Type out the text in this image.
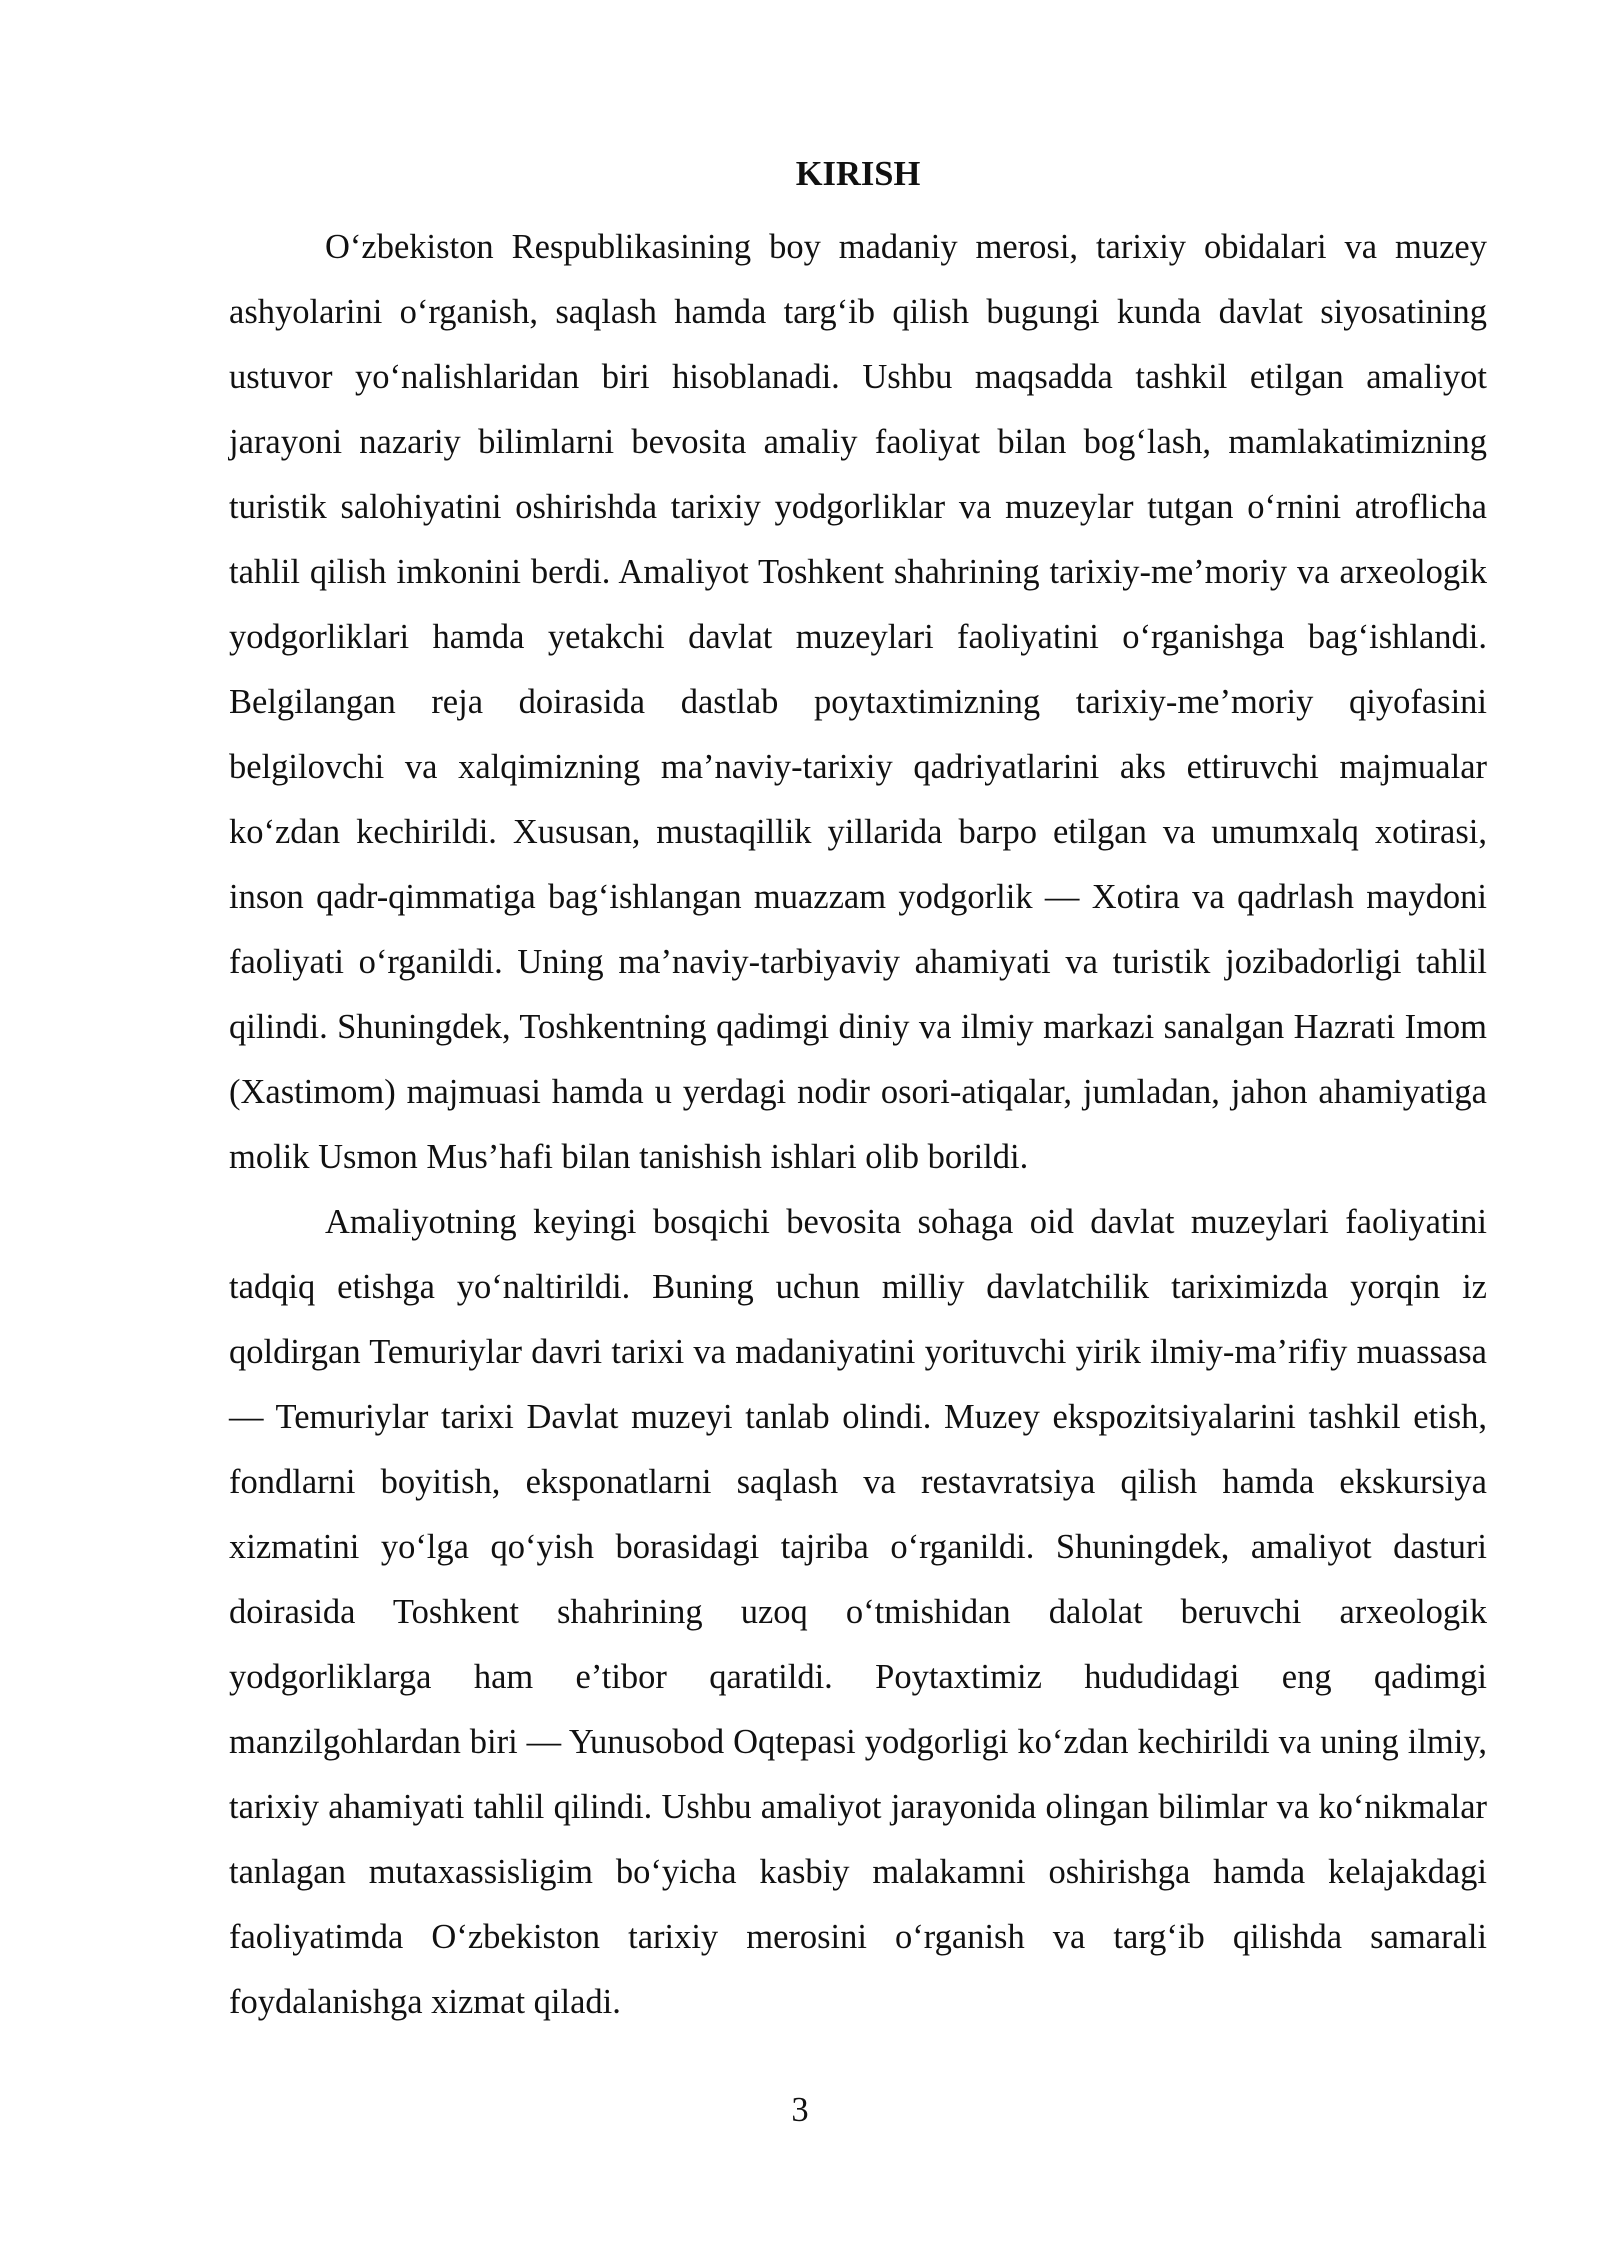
KIRISH

O‘zbekiston Respublikasining boy madaniy merosi, tarixiy obidalari va muzey ashyolarini o‘rganish, saqlash hamda targ‘ib qilish bugungi kunda davlat siyosatining ustuvor yo‘nalishlaridan biri hisoblanadi. Ushbu maqsadda tashkil etilgan amaliyot jarayoni nazariy bilimlarni bevosita amaliy faoliyat bilan bog‘lash, mamlakatimizning turistik salohiyatini oshirishda tarixiy yodgorliklar va muzeylar tutgan o‘rnini atroflicha tahlil qilish imkonini berdi. Amaliyot Toshkent shahrining tarixiy-me’moriy va arxeologik yodgorliklari hamda yetakchi davlat muzeylari faoliyatini o‘rganishga bag‘ishlandi. Belgilangan reja doirasida dastlab poytaxtimizning tarixiy-me’moriy qiyofasini belgilovchi va xalqimizning ma’naviy-tarixiy qadriyatlarini aks ettiruvchi majmualar ko‘zdan kechirildi. Xususan, mustaqillik yillarida barpo etilgan va umumxalq xotirasi, inson qadr-qimmatiga bag‘ishlangan muazzam yodgorlik — Xotira va qadrlash maydoni faoliyati o‘rganildi. Uning ma’naviy-tarbiyaviy ahamiyati va turistik jozibadorligi tahlil qilindi. Shuningdek, Toshkentning qadimgi diniy va ilmiy markazi sanalgan Hazrati Imom (Xastimom) majmuasi hamda u yerdagi nodir osori-atiqalar, jumladan, jahon ahamiyatiga molik Usmon Mus’hafi bilan tanishish ishlari olib borildi.

Amaliyotning keyingi bosqichi bevosita sohaga oid davlat muzeylari faoliyatini tadqiq etishga yo‘naltirildi. Buning uchun milliy davlatchilik tariximizda yorqin iz qoldirgan Temuriylar davri tarixi va madaniyatini yorituvchi yirik ilmiy-ma’rifiy muassasa — Temuriylar tarixi Davlat muzeyi tanlab olindi. Muzey ekspozitsiyalarini tashkil etish, fondlarni boyitish, eksponatlarni saqlash va restavratsiya qilish hamda ekskursiya xizmatini yo‘lga qo‘yish borasidagi tajriba o‘rganildi. Shuningdek, amaliyot dasturi doirasida Toshkent shahrining uzoq o‘tmishidan dalolat beruvchi arxeologik yodgorliklarga ham e’tibor qaratildi. Poytaxtimiz hududidagi eng qadimgi manzilgohlardan biri — Yunusobod Oqtepasi yodgorligi ko‘zdan kechirildi va uning ilmiy, tarixiy ahamiyati tahlil qilindi. Ushbu amaliyot jarayonida olingan bilimlar va ko‘nikmalar tanlagan mutaxassisligim bo‘yicha kasbiy malakamni oshirishga hamda kelajakdagi faoliyatimda O‘zbekiston tarixiy merosini o‘rganish va targ‘ib qilishda samarali foydalanishga xizmat qiladi.

3
